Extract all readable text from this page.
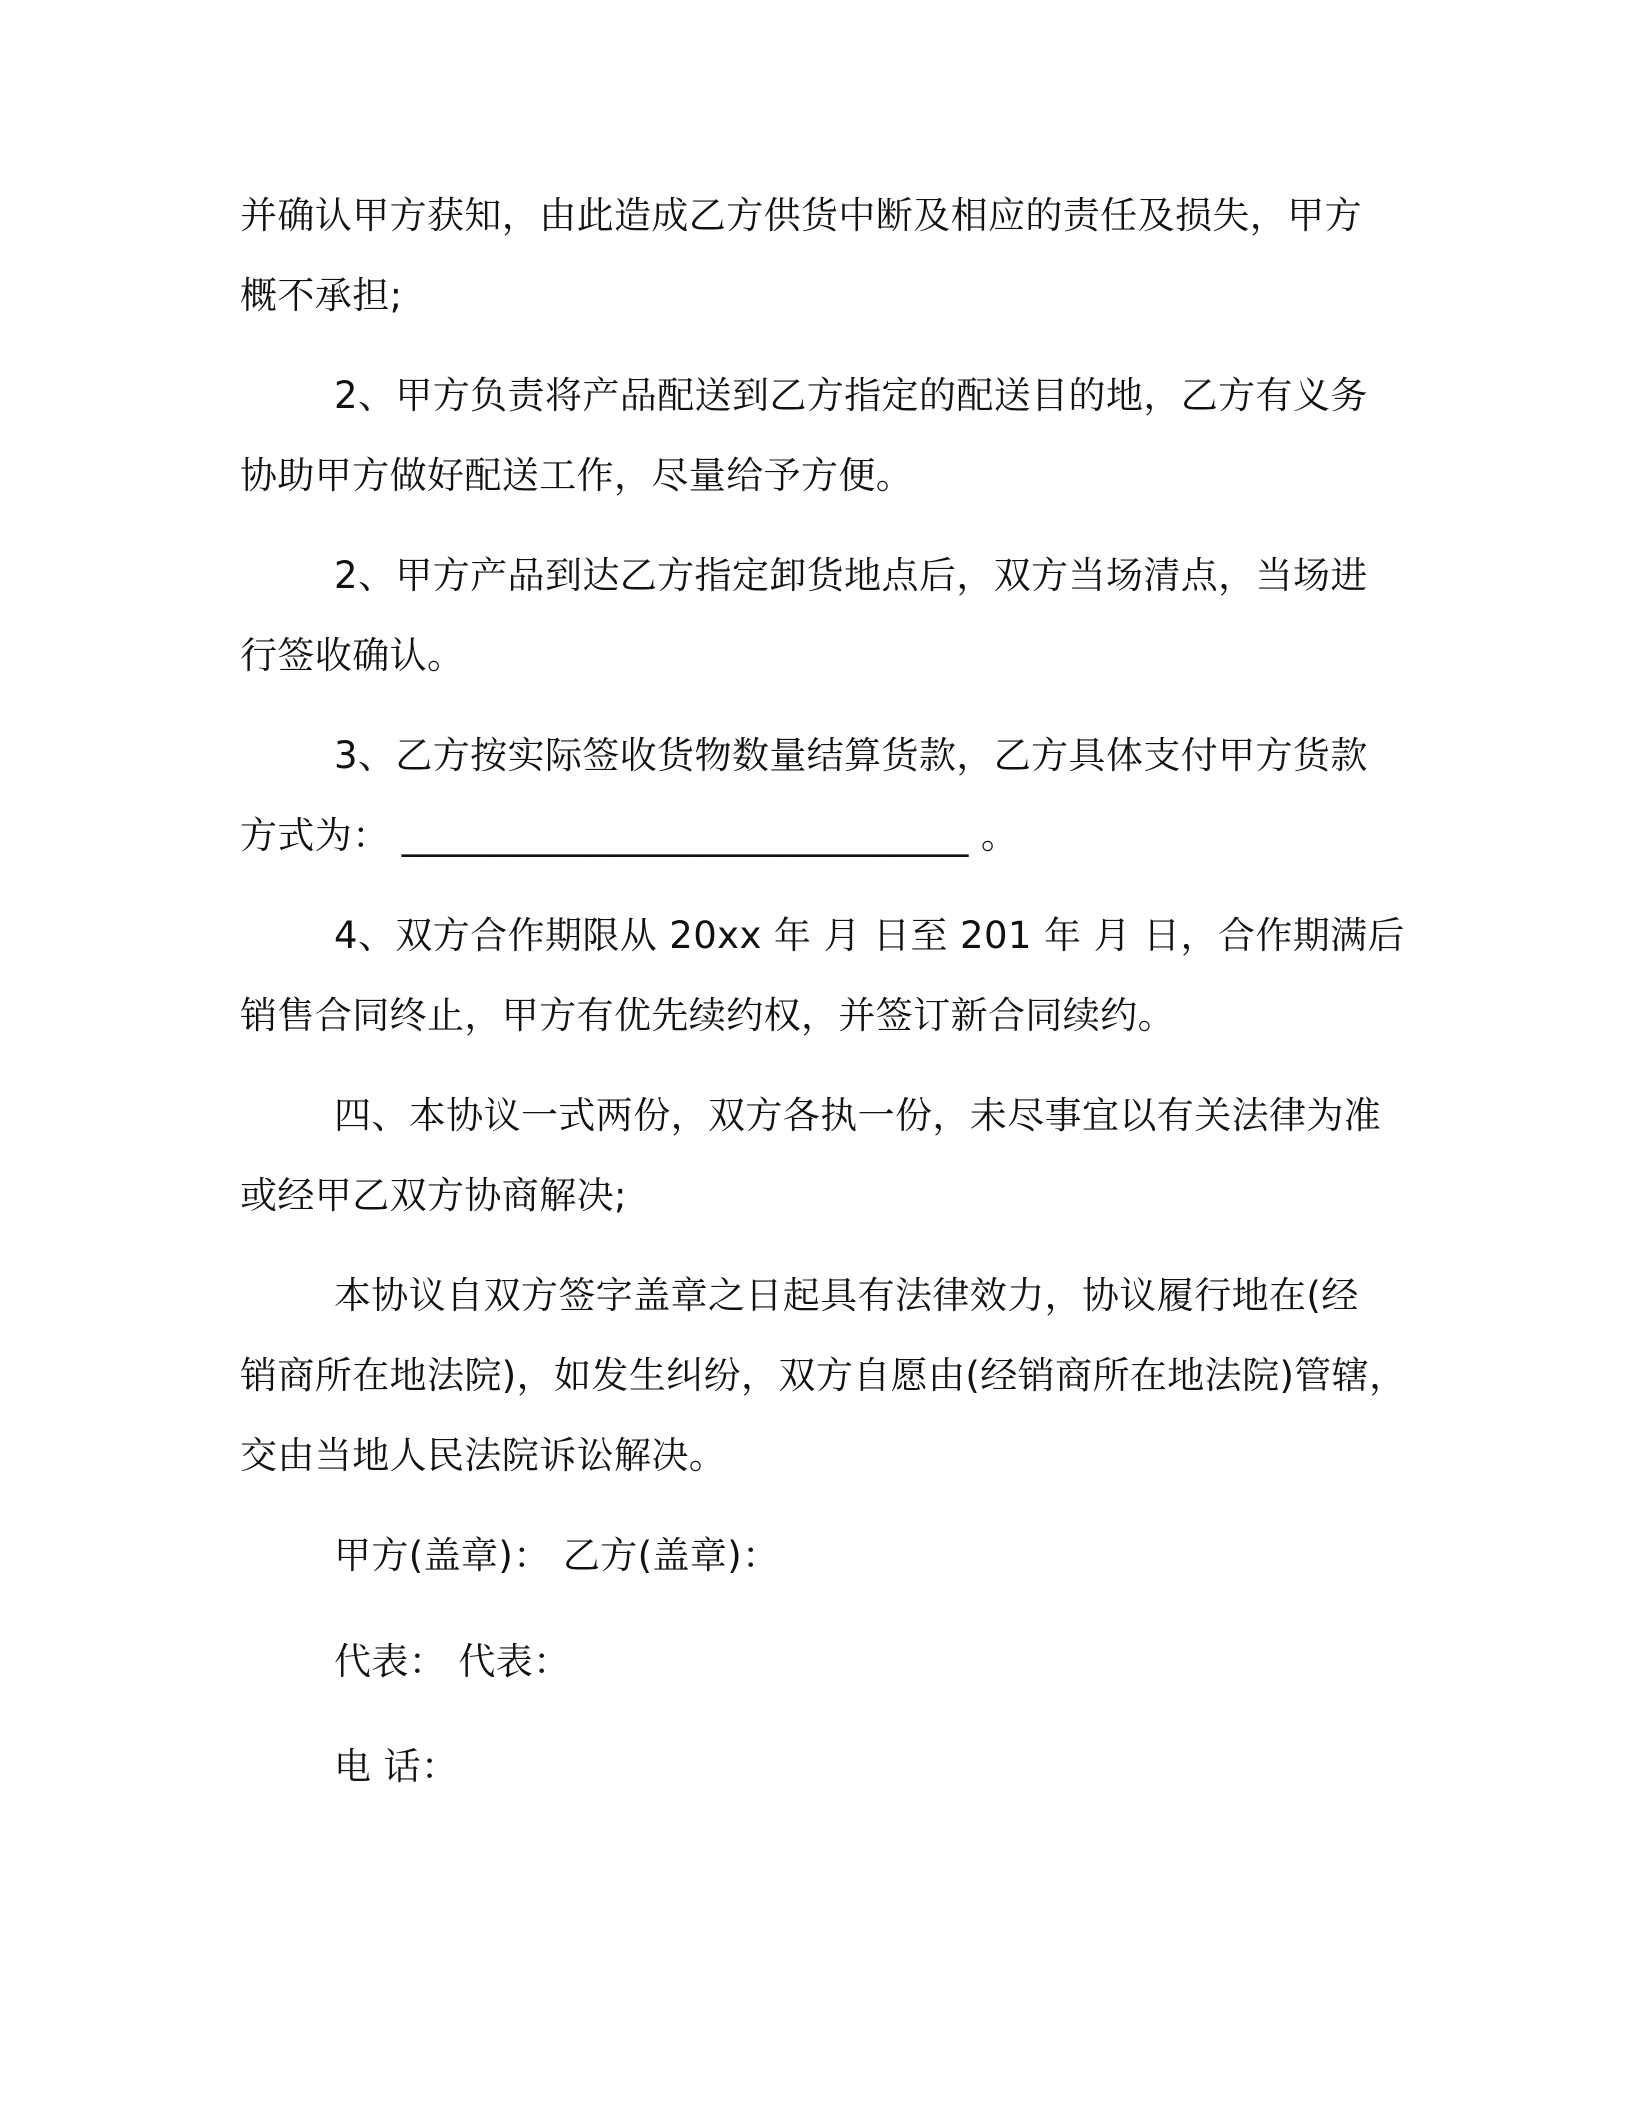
并确认甲方获知，由此造成乙方供货中断及相应的责任及损失，甲方

概不承担;

2、甲方负责将产品配送到乙方指定的配送目的地，乙方有义务

协助甲方做好配送工作，尽量给予方便。

2、甲方产品到达乙方指定卸货地点后，双方当场清点，当场进

行签收确认。

3、乙方按实际签收货物数量结算货款，乙方具体支付甲方货款

方式为： ______________________________ 。

4、双方合作期限从 20xx 年 月 日至 201 年 月 日，合作期满后

销售合同终止，甲方有优先续约权，并签订新合同续约。

四、本协议一式两份，双方各执一份，未尽事宜以有关法律为准

或经甲乙双方协商解决;

本协议自双方签字盖章之日起具有法律效力，协议履行地在(经

销商所在地法院)，如发生纠纷，双方自愿由(经销商所在地法院)管辖，

交由当地人民法院诉讼解决。

甲方(盖章)： 乙方(盖章)：

代表： 代表：

电 话：
